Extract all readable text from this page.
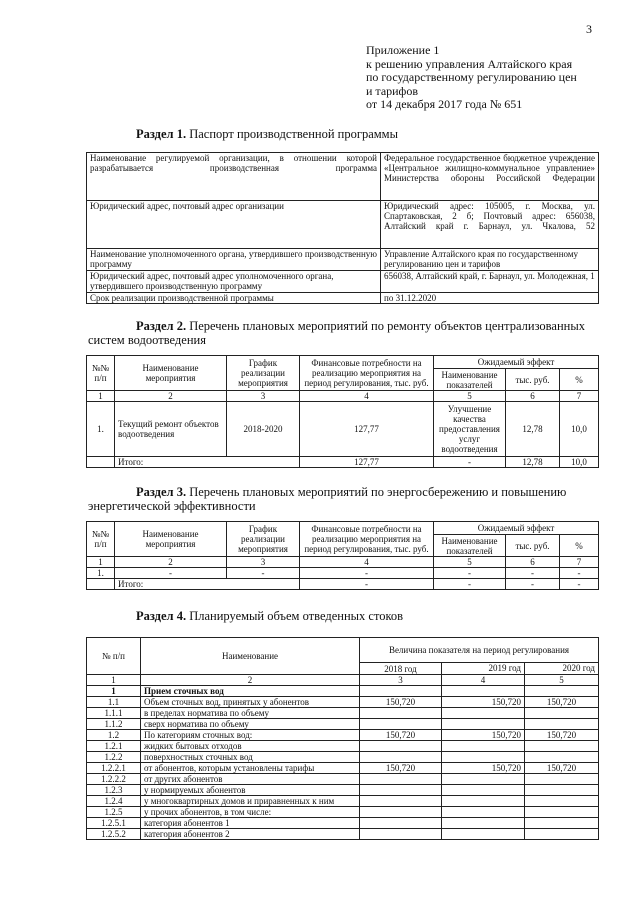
3
Приложение 1
к решению управления Алтайского края
по государственному регулированию цен
и тарифов
от 14 декабря 2017 года № 651
Раздел 1. Паспорт производственной программы
Наименование регулируемой организации, в отношении которой разрабатывается производственная программа	Федеральное государственное бюджетное учреждение «Центральное жилищно-коммунальное управление» Министерства обороны Российской Федерации
Юридический адрес, почтовый адрес организации	Юридический адрес: 105005, г. Москва, ул. Спартаковская, 2 б; Почтовый адрес: 656038, Алтайский край г. Барнаул, ул. Чкалова, 52
Наименование уполномоченного органа, утвердившего производственную программу	Управление Алтайского края по государственному регулированию цен и тарифов
Юридический адрес, почтовый адрес уполномоченного органа, утвердившего производственную программу	656038, Алтайский край, г. Барнаул, ул. Молодежная, 1
Срок реализации производственной программы	по 31.12.2020
Раздел 2. Перечень плановых мероприятий по ремонту объектов централизованных
систем водоотведения
№№ п/п	Наименование мероприятия	График реализации мероприятия	Финансовые потребности на реализацию мероприятия на период регулирования, тыс. руб.	Ожидаемый эффект		
				Наименование показателей	тыс. руб.	%
1	2	3	4	5	6	7
1.	Текущий ремонт объектов водоотведения	2018-2020	127,77	Улучшение качества предоставления услуг водоотведения	12,78	10,0
	Итого:		127,77	-	12,78	10,0
Раздел 3. Перечень плановых мероприятий по энергосбережению и повышению
энергетической эффективности
№№ п/п	Наименование мероприятия	График реализации мероприятия	Финансовые потребности на реализацию мероприятия на период регулирования, тыс. руб.	Ожидаемый эффект		
				Наименование показателей	тыс. руб.	%
1	2	3	4	5	6	7
1.	-	-	-	-	-	-
	Итого:		-	-	-	-
Раздел 4. Планируемый объем отведенных стоков
№ п/п	Наименование	Величина показателя на период регулирования		
		2018 год	2019 год	2020 год
1	2	3	4	5
1	Прием сточных вод			
1.1	Объем сточных вод, принятых у абонентов	150,720	150,720	150,720
1.1.1	в пределах норматива по объему			
1.1.2	сверх норматива по объему			
1.2	По категориям сточных вод:	150,720	150,720	150,720
1.2.1	жидких бытовых отходов			
1.2.2	поверхностных сточных вод			
1.2.2.1	от абонентов, которым установлены тарифы	150,720	150,720	150,720
1.2.2.2	от других абонентов			
1.2.3	у нормируемых абонентов			
1.2.4	у многоквартирных домов и приравненных к ним			
1.2.5	у прочих абонентов, в том числе:			
1.2.5.1	категория абонентов 1			
1.2.5.2	категория абонентов 2			
